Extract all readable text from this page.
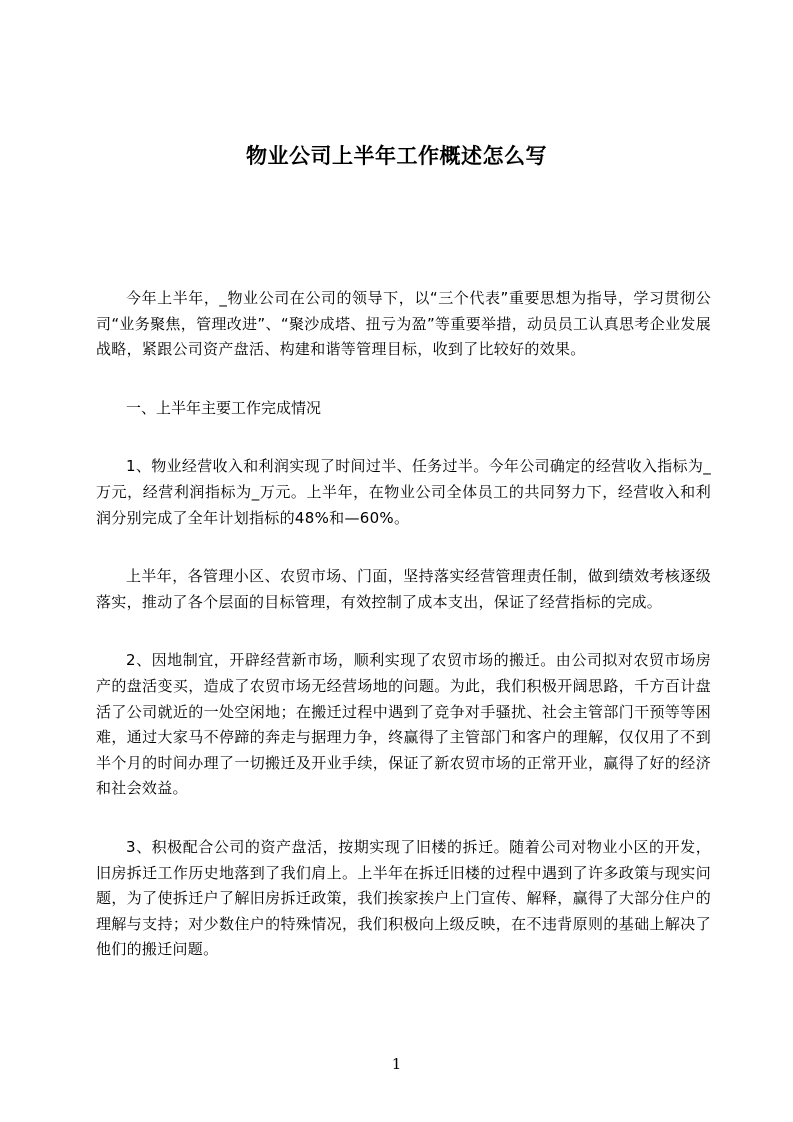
物业公司上半年工作概述怎么写

今年上半年，_物业公司在公司的领导下，以“三个代表”重要思想为指导，学习贯彻公司“业务聚焦，管理改进”、“聚沙成塔、扭亏为盈”等重要举措，动员员工认真思考企业发展战略，紧跟公司资产盘活、构建和谐等管理目标，收到了比较好的效果。

一、上半年主要工作完成情况

1、物业经营收入和利润实现了时间过半、任务过半。今年公司确定的经营收入指标为_万元，经营利润指标为_万元。上半年，在物业公司全体员工的共同努力下，经营收入和利润分别完成了全年计划指标的48%和—60%。

上半年，各管理小区、农贸市场、门面，坚持落实经营管理责任制，做到绩效考核逐级落实，推动了各个层面的目标管理，有效控制了成本支出，保证了经营指标的完成。

2、因地制宜，开辟经营新市场，顺利实现了农贸市场的搬迁。由公司拟对农贸市场房产的盘活变买，造成了农贸市场无经营场地的问题。为此，我们积极开阔思路，千方百计盘活了公司就近的一处空闲地；在搬迁过程中遇到了竞争对手骚扰、社会主管部门干预等等困难，通过大家马不停蹄的奔走与据理力争，终赢得了主管部门和客户的理解，仅仅用了不到半个月的时间办理了一切搬迁及开业手续，保证了新农贸市场的正常开业，赢得了好的经济和社会效益。

3、积极配合公司的资产盘活，按期实现了旧楼的拆迁。随着公司对物业小区的开发，旧房拆迁工作历史地落到了我们肩上。上半年在拆迁旧楼的过程中遇到了许多政策与现实问题，为了使拆迁户了解旧房拆迁政策，我们挨家挨户上门宣传、解释，赢得了大部分住户的理解与支持；对少数住户的特殊情况，我们积极向上级反映，在不违背原则的基础上解决了他们的搬迁问题。

1
